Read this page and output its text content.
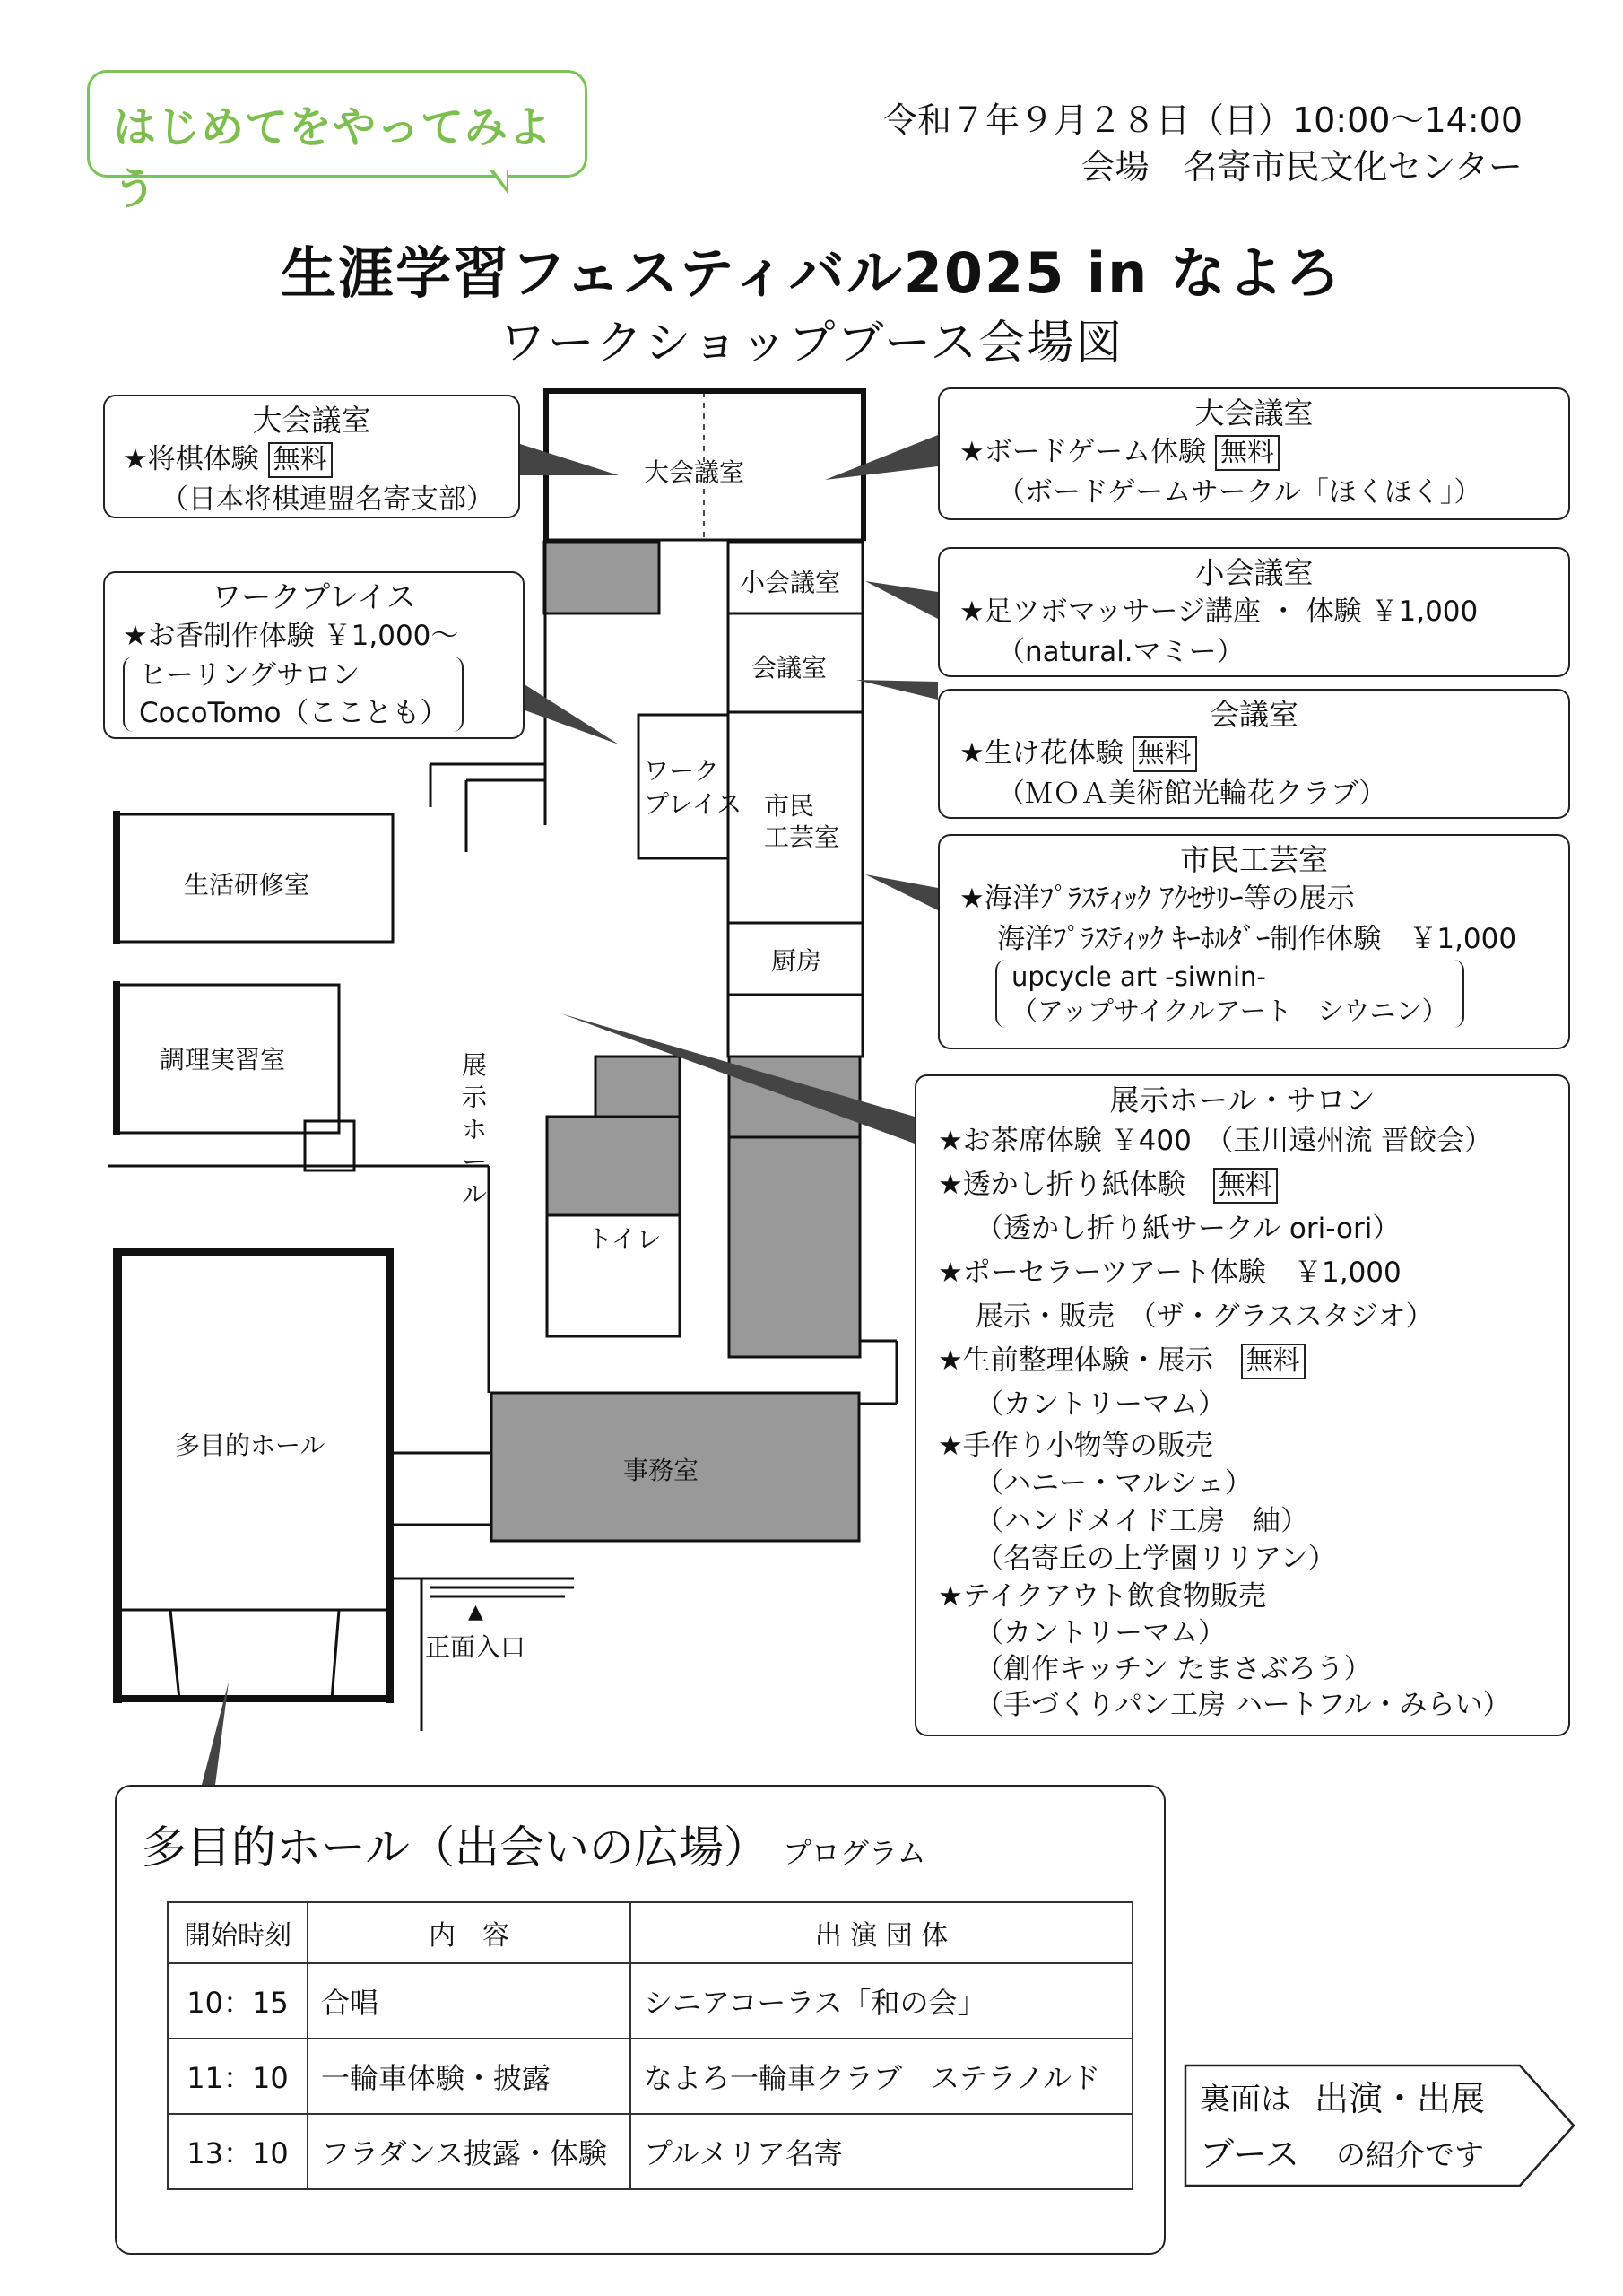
はじめてをやってみよう
令和７年９月２８日（日）10:00〜14:00
会場　名寄市民文化センター
生涯学習フェスティバル2025 in なよろ
ワークショップブース会場図
大会議室
小会議室
会議室
ワーク
プレイス 市民
工芸室
厨房
生活研修室
調理実習室	展示ホール
トイレ
事務室
多目的ホール
▲
正面入口
大会議室
★将棋体験 無料
（日本将棋連盟名寄支部）
大会議室
★ボードゲーム体験 無料
（ボードゲームサークル「ほくほく」）
ワークプレイス
★お香制作体験 ￥1,000〜
ヒーリングサロン
CocoTomo（こことも）
小会議室
★足ツボマッサージ講座 ・ 体験 ￥1,000
（natural.マミー）
会議室
★生け花体験 無料
（ＭＯＡ美術館光輪花クラブ）
市民工芸室
★海洋ﾌﾟﾗｽﾃｨｯｸ ｱｸｾｻﾘｰ等の展示
海洋ﾌﾟﾗｽﾃｨｯｸ ｷｰﾎﾙﾀﾞｰ制作体験　￥1,000
upcycle art -siwnin-
（アップサイクルアート　シウニン）
展示ホール・サロン
★お茶席体験 ￥400　（玉川遠州流 晋餃会）
★透かし折り紙体験　 無料
（透かし折り紙サークル ori-ori）
★ポーセラーツアート体験　￥1,000
展示・販売　（ザ・グラススタジオ）
★生前整理体験・展示　 無料
（カントリーマム）
★手作り小物等の販売
（ハニー・マルシェ）
（ハンドメイド工房　紬）
（名寄丘の上学園リリアン）
★テイクアウト飲食物販売
（カントリーマム）
（創作キッチン たまさぶろう）
（手づくりパン工房 ハートフル・みらい）
多目的ホール（出会いの広場） プログラム
開始時刻	内　容	出 演 団 体
10：15	合唱	シニアコーラス「和の会」
11：10	一輪車体験・披露	なよろ一輪車クラブ　ステラノルド
13：10	フラダンス披露・体験	プルメリア名寄
裏面は 出演・出展
ブース の紹介です
